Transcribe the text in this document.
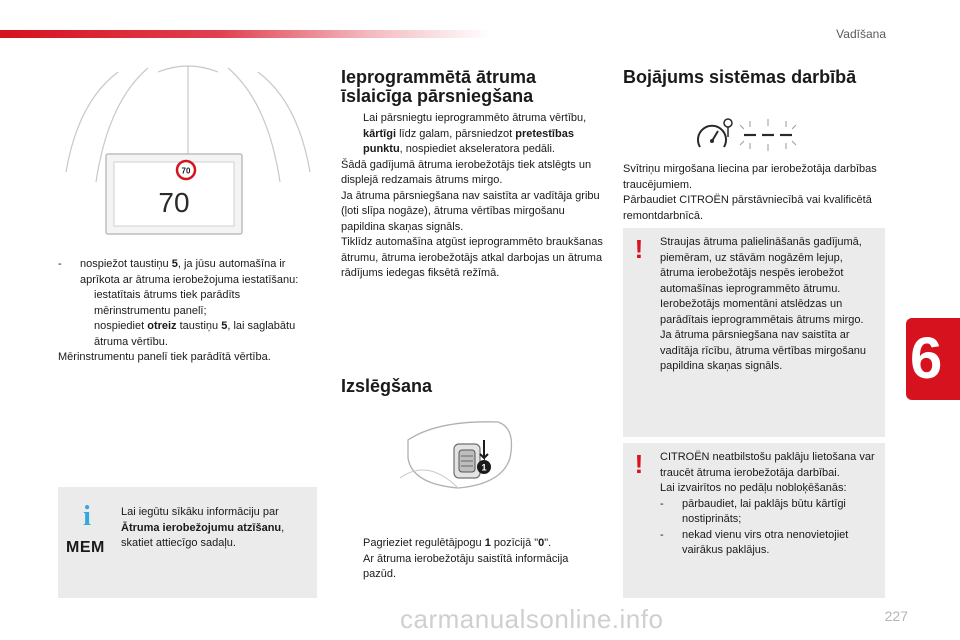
Vadīšana
6
70
70
- nospiežot taustiņu 5, ja jūsu automašīna ir aprīkota ar ātruma ierobežojuma iestatīšanu:
iestatītais ātrums tiek parādīts mērinstrumentu panelī;
nospiediet otreiz taustiņu 5, lai saglabātu ātruma vērtību.
Mērinstrumentu panelī tiek parādītā vērtība.
i
MEM
Lai iegūtu sīkāku informāciju par Ātruma ierobežojumu atzīšanu, skatiet attiecīgo sadaļu.
Ieprogrammētā ātruma īslaicīga pārsniegšana
Lai pārsniegtu ieprogrammēto ātruma vērtību, kārtīgi līdz galam, pārsniedzot pretestības punktu, nospiediet akseleratora pedāli.
Šādā gadījumā ātruma ierobežotājs tiek atslēgts un displejā redzamais ātrums mirgo.
Ja ātruma pārsniegšana nav saistīta ar vadītāja gribu (ļoti slīpa nogāze), ātruma vērtības mirgošanu papildina skaņas signāls.
Tiklīdz automašīna atgūst ieprogrammēto braukšanas ātrumu, ātruma ierobežotājs atkal darbojas un ātruma rādījums iedegas fiksētā režīmā.
Izslēgšana
1

Pagrieziet regulētājpogu 1 pozīcijā "0".
Ar ātruma ierobežotāju saistītā informācija pazūd.

Bojājums sistēmas darbībā
Svītriņu mirgošana liecina par ierobežotāja darbības traucējumiem.
Pārbaudiet CITROËN pārstāvniecībā vai kvalificētā remontdarbnīcā.
!	Straujas ātruma palielināšanās gadījumā, piemēram, uz stāvām nogāzēm lejup, ātruma ierobežotājs nespēs ierobežot automašīnas ieprogrammēto ātrumu.
Ierobežotājs momentāni atslēdzas un parādītais ieprogrammētais ātrums mirgo.
Ja ātruma pārsniegšana nav saistīta ar vadītāja rīcību, ātruma vērtības mirgošanu papildina skaņas signāls.
!	CITROËN neatbilstošu paklāju lietošana var traucēt ātruma ierobežotāja darbībai.
Lai izvairītos no pedāļu nobloķēšanās:
- pārbaudiet, lai paklājs būtu kārtīgi nostiprināts;
- nekad vienu virs otra nenovietojiet vairākus paklājus.
carmanualsonline.info	227
